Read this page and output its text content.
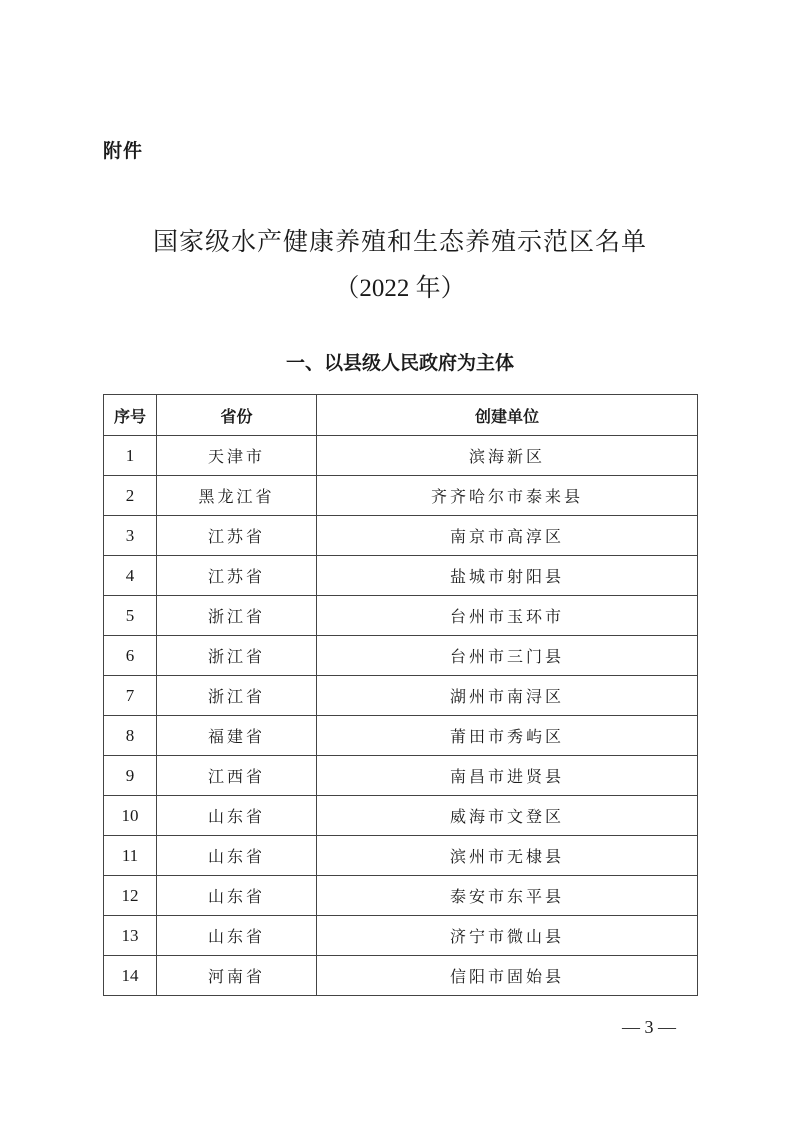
附件
国家级水产健康养殖和生态养殖示范区名单
（2022 年）
一、以县级人民政府为主体
序号	省份	创建单位
1	天津市	滨海新区
2	黑龙江省	齐齐哈尔市泰来县
3	江苏省	南京市高淳区
4	江苏省	盐城市射阳县
5	浙江省	台州市玉环市
6	浙江省	台州市三门县
7	浙江省	湖州市南浔区
8	福建省	莆田市秀屿区
9	江西省	南昌市进贤县
10	山东省	威海市文登区
11	山东省	滨州市无棣县
12	山东省	泰安市东平县
13	山东省	济宁市微山县
14	河南省	信阳市固始县
— 3 —
